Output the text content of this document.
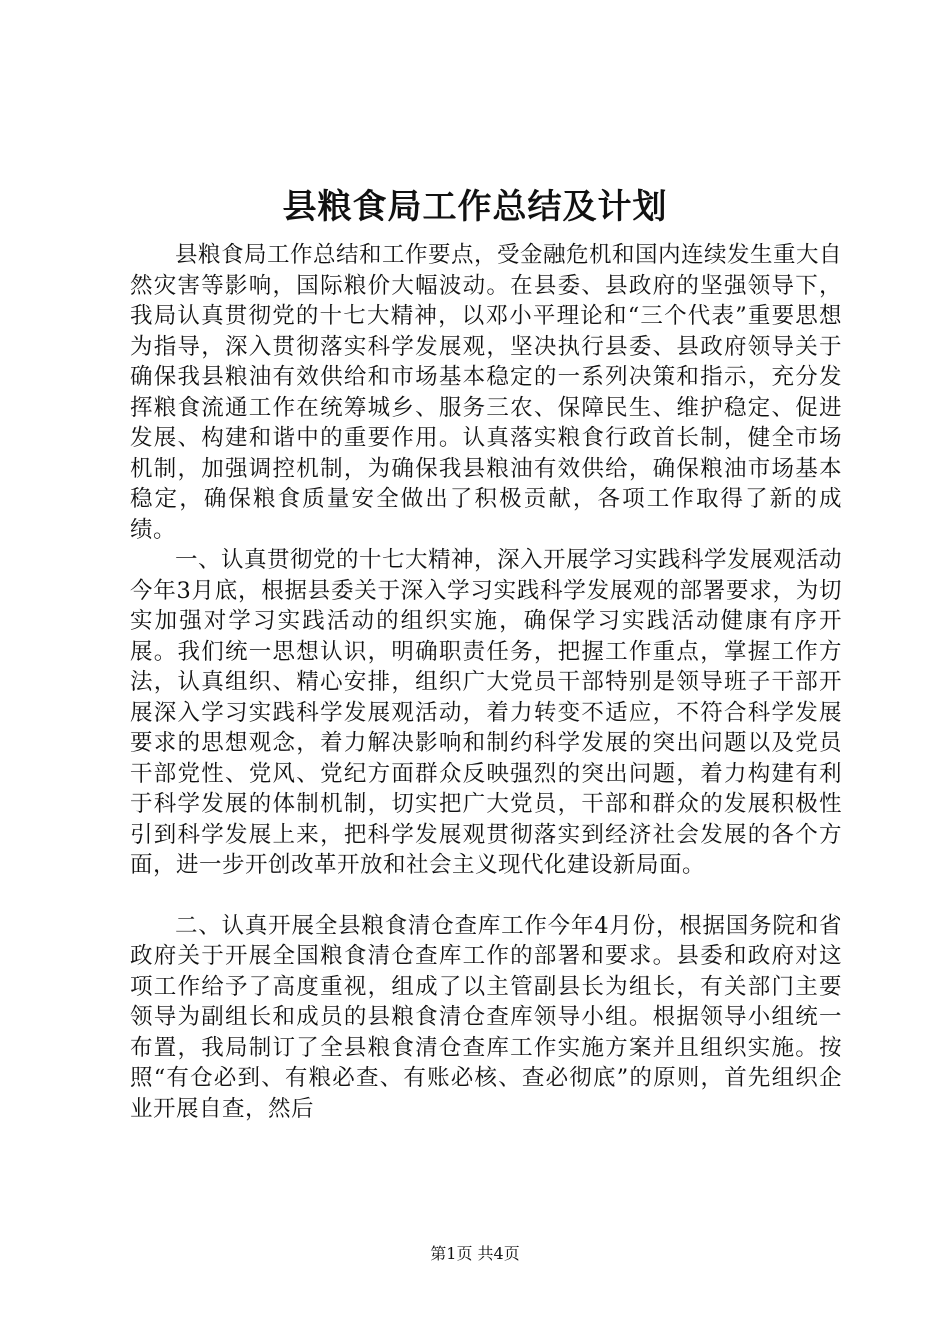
县粮食局工作总结及计划

县粮食局工作总结和工作要点，受金融危机和国内连续发生重大自然灾害等影响，国际粮价大幅波动。在县委、县政府的坚强领导下，我局认真贯彻党的十七大精神，以邓小平理论和“三个代表”重要思想为指导，深入贯彻落实科学发展观，坚决执行县委、县政府领导关于确保我县粮油有效供给和市场基本稳定的一系列决策和指示，充分发挥粮食流通工作在统筹城乡、服务三农、保障民生、维护稳定、促进发展、构建和谐中的重要作用。认真落实粮食行政首长制，健全市场机制，加强调控机制，为确保我县粮油有效供给，确保粮油市场基本稳定，确保粮食质量安全做出了积极贡献，各项工作取得了新的成绩。

一、认真贯彻党的十七大精神，深入开展学习实践科学发展观活动今年3月底，根据县委关于深入学习实践科学发展观的部署要求，为切实加强对学习实践活动的组织实施，确保学习实践活动健康有序开展。我们统一思想认识，明确职责任务，把握工作重点，掌握工作方法，认真组织、精心安排，组织广大党员干部特别是领导班子干部开展深入学习实践科学发展观活动，着力转变不适应，不符合科学发展要求的思想观念，着力解决影响和制约科学发展的突出问题以及党员干部党性、党风、党纪方面群众反映强烈的突出问题，着力构建有利于科学发展的体制机制，切实把广大党员，干部和群众的发展积极性引到科学发展上来，把科学发展观贯彻落实到经济社会发展的各个方面，进一步开创改革开放和社会主义现代化建设新局面。

二、认真开展全县粮食清仓查库工作今年4月份，根据国务院和省政府关于开展全国粮食清仓查库工作的部署和要求。县委和政府对这项工作给予了高度重视，组成了以主管副县长为组长，有关部门主要领导为副组长和成员的县粮食清仓查库领导小组。根据领导小组统一布置，我局制订了全县粮食清仓查库工作实施方案并且组织实施。按照“有仓必到、有粮必查、有账必核、查必彻底”的原则，首先组织企业开展自查，然后

第1页 共4页
